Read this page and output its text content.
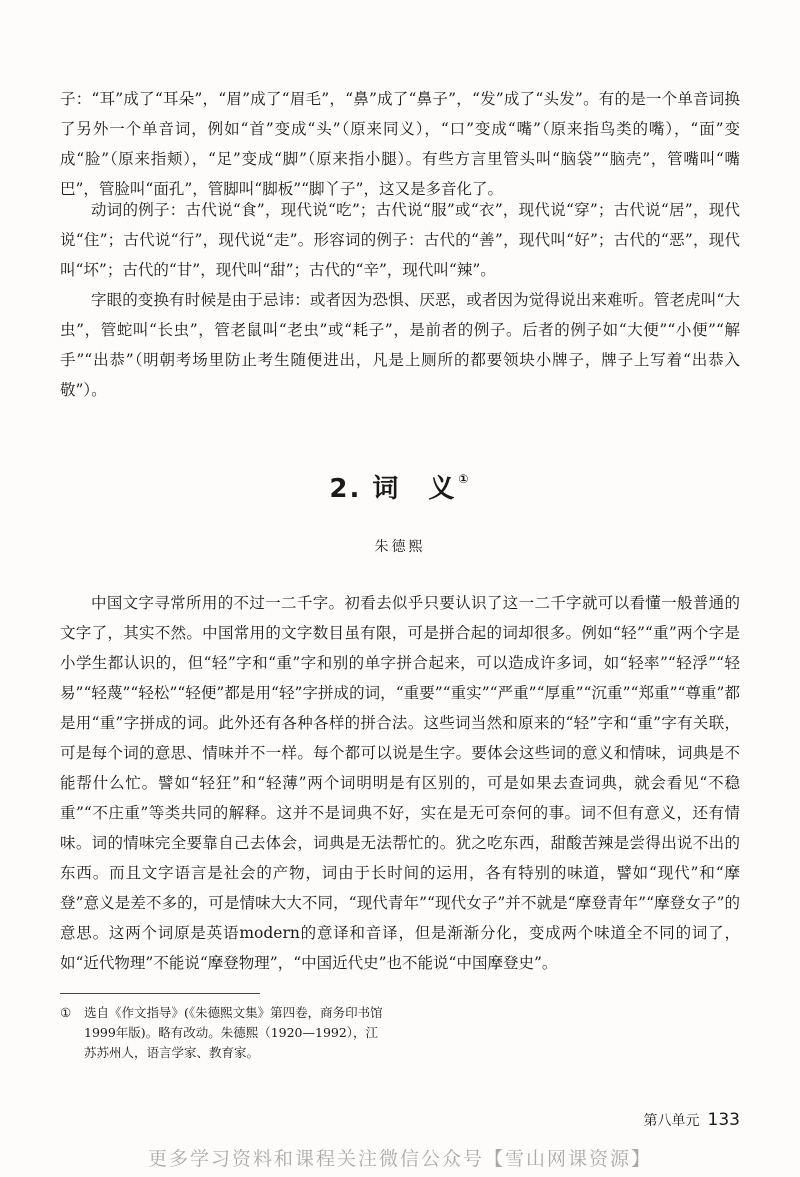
子：“耳”成了“耳朵”，“眉”成了“眉毛”，“鼻”成了“鼻子”，“发”成了“头发”。有的是一个单音词换了另外一个单音词，例如“首”变成“头”（原来同义），“口”变成“嘴”（原来指鸟类的嘴），“面”变成“脸”（原来指颊），“足”变成“脚”（原来指小腿）。有些方言里管头叫“脑袋”“脑壳”，管嘴叫“嘴巴”，管脸叫“面孔”，管脚叫“脚板”“脚丫子”，这又是多音化了。

动词的例子：古代说“食”，现代说“吃”；古代说“服”或“衣”，现代说“穿”；古代说“居”，现代说“住”；古代说“行”，现代说“走”。形容词的例子：古代的“善”，现代叫“好”；古代的“恶”，现代叫“坏”；古代的“甘”，现代叫“甜”；古代的“辛”，现代叫“辣”。

字眼的变换有时候是由于忌讳：或者因为恐惧、厌恶，或者因为觉得说出来难听。管老虎叫“大虫”，管蛇叫“长虫”，管老鼠叫“老虫”或“耗子”，是前者的例子。后者的例子如“大便”“小便”“解手”“出恭”（明朝考场里防止考生随便进出，凡是上厕所的都要领块小牌子，牌子上写着“出恭入敬”）。

2. 词　义 ①
朱德熙

中国文字寻常所用的不过一二千字。初看去似乎只要认识了这一二千字就可以看懂一般普通的文字了，其实不然。中国常用的文字数目虽有限，可是拼合起的词却很多。例如“轻”“重”两个字是小学生都认识的，但“轻”字和“重”字和别的单字拼合起来，可以造成许多词，如“轻率”“轻浮”“轻易”“轻蔑”“轻松”“轻便”都是用“轻”字拼成的词，“重要”“重实”“严重”“厚重”“沉重”“郑重”“尊重”都是用“重”字拼成的词。此外还有各种各样的拼合法。这些词当然和原来的“轻”字和“重”字有关联，可是每个词的意思、情味并不一样。每个都可以说是生字。要体会这些词的意义和情味，词典是不能帮什么忙。譬如“轻狂”和“轻薄”两个词明明是有区别的，可是如果去查词典，就会看见“不稳重”“不庄重”等类共同的解释。这并不是词典不好，实在是无可奈何的事。词不但有意义，还有情味。词的情味完全要靠自己去体会，词典是无法帮忙的。犹之吃东西，甜酸苦辣是尝得出说不出的东西。而且文字语言是社会的产物，词由于长时间的运用，各有特别的味道，譬如“现代”和“摩登”意义是差不多的，可是情味大大不同，“现代青年”“现代女子”并不就是“摩登青年”“摩登女子”的意思。这两个词原是英语modern的意译和音译，但是渐渐分化，变成两个味道全不同的词了，如“近代物理”不能说“摩登物理”，“中国近代史”也不能说“中国摩登史”。

①	选自《作文指导》(《朱德熙文集》第四卷，商务印书馆1999年版)。略有改动。朱德熙（1920—1992），江苏苏州人，语言学家、教育家。

第八单元 133
更多学习资料和课程关注微信公众号【雪山网课资源】
